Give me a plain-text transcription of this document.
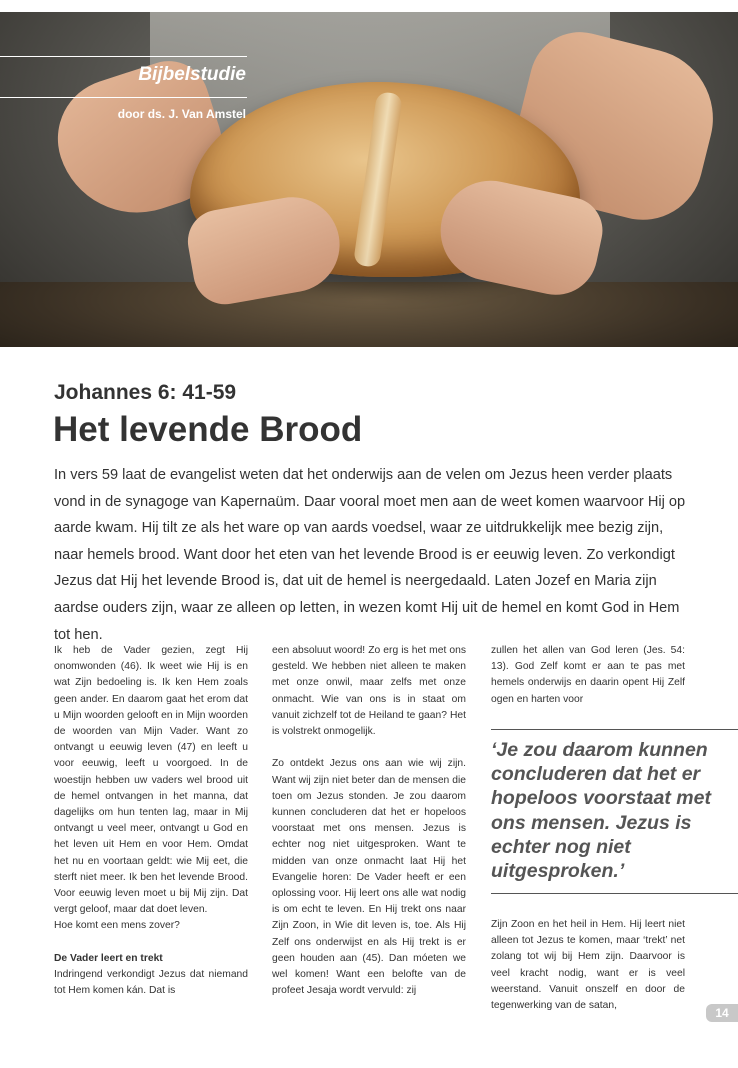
Bijbelstudie
door ds. J. Van Amstel
Johannes 6: 41-59
Het levende Brood
In vers 59 laat de evangelist weten dat het onderwijs aan de velen om Jezus heen verder plaats vond in de synagoge van Kapernaüm. Daar vooral moet men aan de weet komen waarvoor Hij op aarde kwam. Hij tilt ze als het ware op van aards voedsel, waar ze uitdrukkelijk mee bezig zijn, naar hemels brood. Want door het eten van het levende Brood is er eeuwig leven. Zo verkondigt Jezus dat Hij het levende Brood is, dat uit de hemel is neergedaald. Laten Jozef en Maria zijn aardse ouders zijn, waar ze alleen op letten, in wezen komt Hij uit de hemel en komt God in Hem tot hen.

Ik heb de Vader gezien, zegt Hij onomwonden (46). Ik weet wie Hij is en wat Zijn bedoeling is. Ik ken Hem zoals geen ander. En daarom gaat het erom dat u Mijn woorden gelooft en in Mijn woorden de woorden van Mijn Vader. Want zo ontvangt u eeuwig leven (47) en leeft u voor eeuwig, leeft u voorgoed. In de woestijn hebben uw vaders wel brood uit de hemel ontvangen in het manna, dat dagelijks om hun tenten lag, maar in Mij ontvangt u veel meer, ontvangt u God en het leven uit Hem en voor Hem. Omdat het nu en voortaan geldt: wie Mij eet, die sterft niet meer. Ik ben het levende Brood. Voor eeuwig leven moet u bij Mij zijn. Dat vergt geloof, maar dat doet leven.

Hoe komt een mens zover?

De Vader leert en trekt

Indringend verkondigt Jezus dat niemand tot Hem komen kán. Dat is

een absoluut woord! Zo erg is het met ons gesteld. We hebben niet alleen te maken met onze onwil, maar zelfs met onze onmacht. Wie van ons is in staat om vanuit zichzelf tot de Heiland te gaan? Het is volstrekt onmogelijk.

Zo ontdekt Jezus ons aan wie wij zijn. Want wij zijn niet beter dan de mensen die toen om Jezus stonden. Je zou daarom kunnen concluderen dat het er hopeloos voorstaat met ons mensen. Jezus is echter nog niet uitgesproken. Want te midden van onze onmacht laat Hij het Evangelie horen: De Vader heeft er een oplossing voor. Hij leert ons alle wat nodig is om echt te leven. En Hij trekt ons naar Zijn Zoon, in Wie dit leven is, toe. Als Hij Zelf ons onderwijst en als Hij trekt is er geen houden aan (45). Dan móeten we wel komen! Want een belofte van de profeet Jesaja wordt vervuld: zij

zullen het allen van God leren (Jes. 54: 13). God Zelf komt er aan te pas met hemels onderwijs en daarin opent Hij Zelf ogen en harten voor

‘Je zou daarom kunnen concluderen dat het er hopeloos voorstaat met ons mensen. Jezus is echter nog niet uitgesproken.’

Zijn Zoon en het heil in Hem. Hij leert niet alleen tot Jezus te komen, maar ‘trekt’ net zolang tot wij bij Hem zijn. Daarvoor is veel kracht nodig, want er is veel weerstand. Vanuit onszelf en door de tegenwerking van de satan,

14
